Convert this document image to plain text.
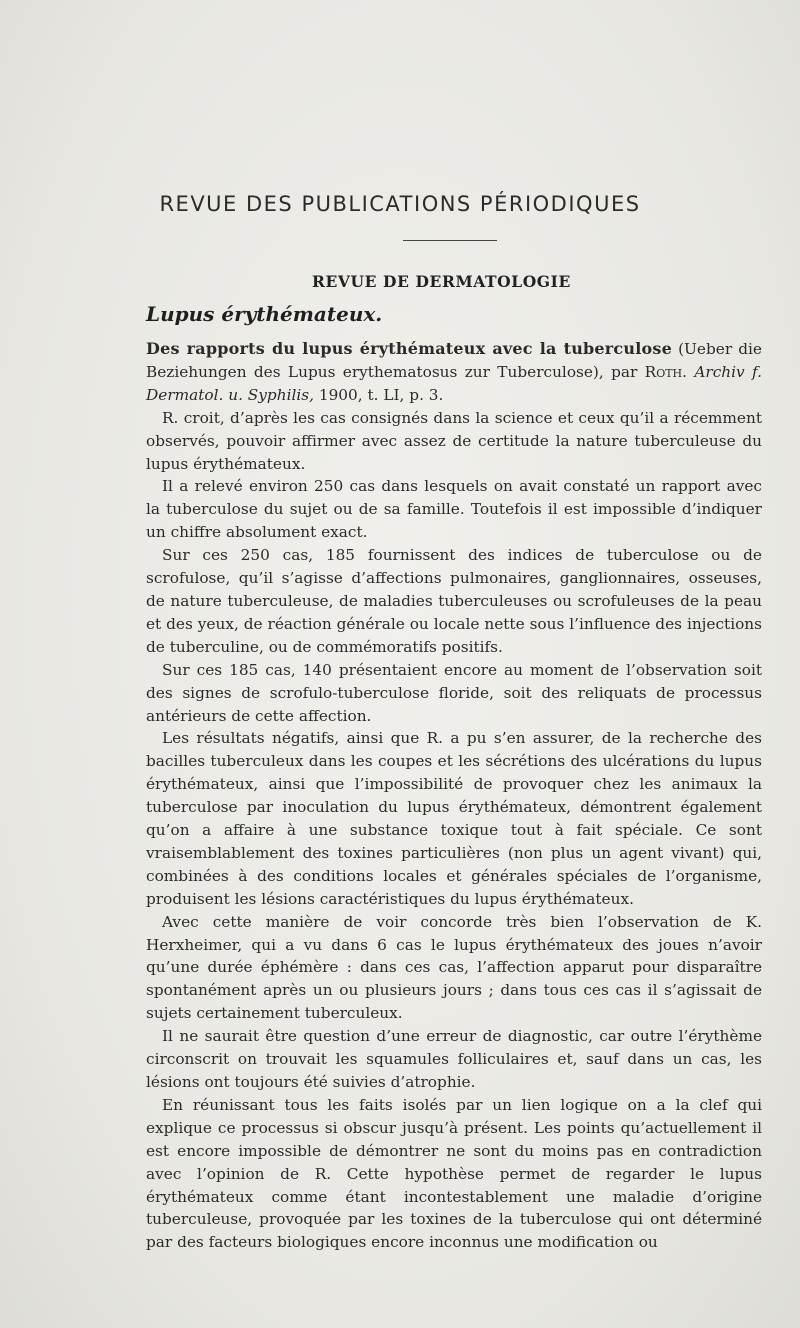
REVUE DES PUBLICATIONS PÉRIODIQUES
REVUE DE DERMATOLOGIE
Lupus érythémateux.

Des rapports du lupus érythémateux avec la tuberculose (Ueber die Beziehungen des Lupus erythematosus zur Tuberculose), par Roth. Archiv f. Dermatol. u. Syphilis, 1900, t. LI, p. 3.

R. croit, d’après les cas consignés dans la science et ceux qu’il a récemment observés, pouvoir affirmer avec assez de certitude la nature tuberculeuse du lupus érythémateux.

Il a relevé environ 250 cas dans lesquels on avait constaté un rapport avec la tuberculose du sujet ou de sa famille. Toutefois il est impossible d’indiquer un chiffre absolument exact.

Sur ces 250 cas, 185 fournissent des indices de tuberculose ou de scrofulose, qu’il s’agisse d’affections pulmonaires, ganglionnaires, osseuses, de nature tuberculeuse, de maladies tuberculeuses ou scrofuleuses de la peau et des yeux, de réaction générale ou locale nette sous l’influence des injections de tuberculine, ou de commémoratifs positifs.

Sur ces 185 cas, 140 présentaient encore au moment de l’observation soit des signes de scrofulo-tuberculose floride, soit des reliquats de processus antérieurs de cette affection.

Les résultats négatifs, ainsi que R. a pu s’en assurer, de la recherche des bacilles tuberculeux dans les coupes et les sécrétions des ulcérations du lupus érythémateux, ainsi que l’impossibilité de provoquer chez les animaux la tuberculose par inoculation du lupus érythémateux, démontrent également qu’on a affaire à une substance toxique tout à fait spéciale. Ce sont vraisemblablement des toxines particulières (non plus un agent vivant) qui, combinées à des conditions locales et générales spéciales de l’organisme, produisent les lésions caractéristiques du lupus érythémateux.

Avec cette manière de voir concorde très bien l’observation de K. Herxheimer, qui a vu dans 6 cas le lupus érythémateux des joues n’avoir qu’une durée éphémère : dans ces cas, l’affection apparut pour disparaître spontanément après un ou plusieurs jours ; dans tous ces cas il s’agissait de sujets certainement tuberculeux.

Il ne saurait être question d’une erreur de diagnostic, car outre l’érythème circonscrit on trouvait les squamules folliculaires et, sauf dans un cas, les lésions ont toujours été suivies d’atrophie.

En réunissant tous les faits isolés par un lien logique on a la clef qui explique ce processus si obscur jusqu’à présent. Les points qu’actuellement il est encore impossible de démontrer ne sont du moins pas en contradiction avec l’opinion de R. Cette hypothèse permet de regarder le lupus érythémateux comme étant incontestablement une maladie d’origine tuberculeuse, provoquée par les toxines de la tuberculose qui ont déterminé par des facteurs biologiques encore inconnus une modification ou
